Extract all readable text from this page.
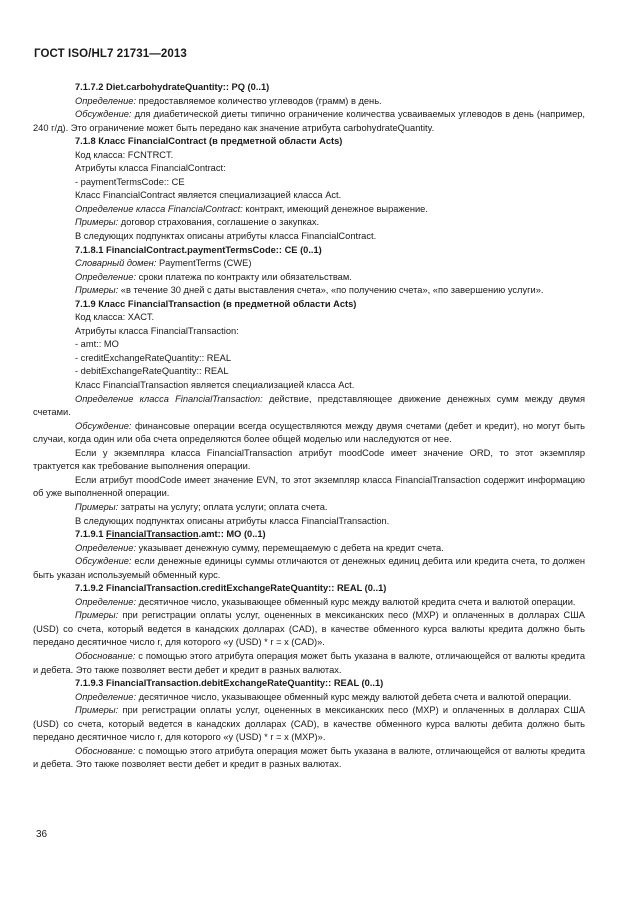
ГОСТ ISO/HL7 21731—2013

7.1.7.2 Diet.carbohydrateQuantity:: PQ (0..1)

Определение: предоставляемое количество углеводов (грамм) в день.

Обсуждение: для диабетической диеты типично ограничение количества усваиваемых углеводов в день (например, 240 г/д). Это ограничение может быть передано как значение атрибута carbohydrateQuantity.

7.1.8 Класс FinancialContract (в предметной области Acts)

Код класса: FCNTRCT.

Атрибуты класса FinancialContract:

- paymentTermsCode:: CE

Класс FinancialContract является специализацией класса Act.

Определение класса FinancialContract: контракт, имеющий денежное выражение.

Примеры: договор страхования, соглашение о закупках.

В следующих подпунктах описаны атрибуты класса FinancialContract.

7.1.8.1 FinancialContract.paymentTermsCode:: CE (0..1)

Словарный домен: PaymentTerms (CWE)

Определение: сроки платежа по контракту или обязательствам.

Примеры: «в течение 30 дней с даты выставления счета», «по получению счета», «по завершению услуги».

7.1.9 Класс FinancialTransaction (в предметной области Acts)

Код класса: XACT.

Атрибуты класса FinancialTransaction:

- amt:: MO

- creditExchangeRateQuantity:: REAL

- debitExchangeRateQuantity:: REAL

Класс FinancialTransaction является специализацией класса Act.

Определение класса FinancialTransaction: действие, представляющее движение денежных сумм между двумя счетами.

Обсуждение: финансовые операции всегда осуществляются между двумя счетами (дебет и кредит), но могут быть случаи, когда один или оба счета определяются более общей моделью или наследуются от нее.

Если у экземпляра класса FinancialTransaction атрибут moodCode имеет значение ORD, то этот экземпляр трактуется как требование выполнения операции.

Если атрибут moodCode имеет значение EVN, то этот экземпляр класса FinancialTransaction содержит информацию об уже выполненной операции.

Примеры: затраты на услугу; оплата услуги; оплата счета.

В следующих подпунктах описаны атрибуты класса FinancialTransaction.

7.1.9.1 FinancialTransaction.amt:: MO (0..1)

Определение: указывает денежную сумму, перемещаемую с дебета на кредит счета.

Обсуждение: если денежные единицы суммы отличаются от денежных единиц дебита или кредита счета, то должен быть указан используемый обменный курс.

7.1.9.2 FinancialTransaction.creditExchangeRateQuantity:: REAL (0..1)

Определение: десятичное число, указывающее обменный курс между валютой кредита счета и валютой операции.

Примеры: при регистрации оплаты услуг, оцененных в мексиканских песо (MXP) и оплаченных в долларах США (USD) со счета, который ведется в канадских долларах (CAD), в качестве обменного курса валюты кредита должно быть передано десятичное число r, для которого «y (USD) * r = x (CAD)».

Обоснование: с помощью этого атрибута операция может быть указана в валюте, отличающейся от валюты кредита и дебета. Это также позволяет вести дебет и кредит в разных валютах.

7.1.9.3 FinancialTransaction.debitExchangeRateQuantity:: REAL (0..1)

Определение: десятичное число, указывающее обменный курс между валютой дебета счета и валютой операции.

Примеры: при регистрации оплаты услуг, оцененных в мексиканских песо (MXP) и оплаченных в долларах США (USD) со счета, который ведется в канадских долларах (CAD), в качестве обменного курса валюты дебита должно быть передано десятичное число r, для которого «y (USD) * r = x (MXP)».

Обоснование: с помощью этого атрибута операция может быть указана в валюте, отличающейся от валюты кредита и дебета. Это также позволяет вести дебет и кредит в разных валютах.

36
